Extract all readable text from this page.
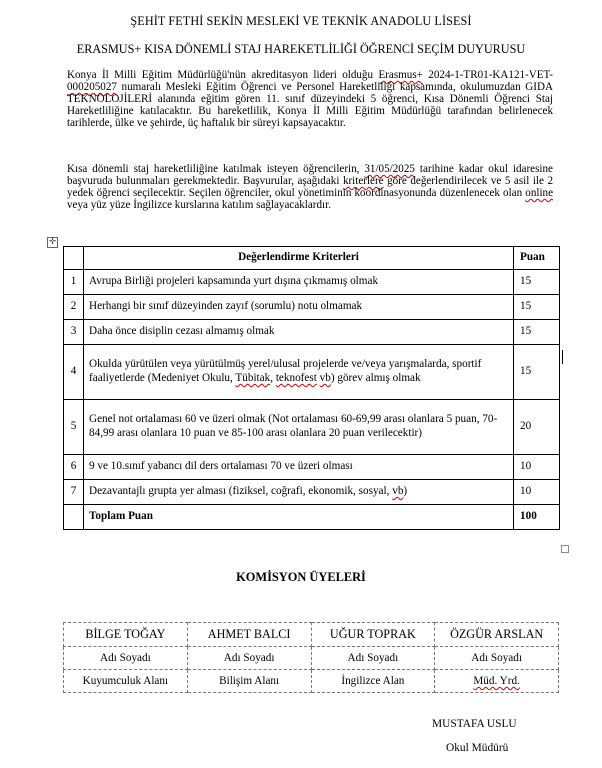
ŞEHİT FETHİ SEKİN MESLEKİ VE TEKNİK ANADOLU LİSESİ
ERASMUS+ KISA DÖNEMLİ STAJ HAREKETLİLİĞİ ÖĞRENCİ SEÇİM DUYURUSU
Konya İl Milli Eğitim Müdürlüğü'nün akreditasyon lideri olduğu Erasmus+ 2024-1-TR01-KA121-VET-000205027 numaralı Mesleki Eğitim Öğrenci ve Personel Hareketliliği kapsamında, okulumuzdan GIDA TEKNOLOJİLERİ alanında eğitim gören 11. sınıf düzeyindeki 5 öğrenci, Kısa Dönemli Öğrenci Staj Hareketliliğine katılacaktır. Bu hareketlilik, Konya İl Milli Eğitim Müdürlüğü tarafından belirlenecek tarihlerde, ülke ve şehirde, üç haftalık bir süreyi kapsayacaktır.
Kısa dönemli staj hareketliliğine katılmak isteyen öğrencilerin, 31/05/2025 tarihine kadar okul idaresine başvuruda bulunmaları gerekmektedir. Başvurular, aşağıdaki kriterlere göre değerlendirilecek ve 5 asil ile 2 yedek öğrenci seçilecektir. Seçilen öğrenciler, okul yönetiminin koordinasyonunda düzenlenecek olan online veya yüz yüze İngilizce kurslarına katılım sağlayacaklardır.
✛
	Değerlendirme Kriterleri	Puan
1	Avrupa Birliği projeleri kapsamında yurt dışına çıkmamış olmak	15
2	Herhangi bir sınıf düzeyinden zayıf (sorumlu) notu olmamak	15
3	Daha önce disiplin cezası almamış olmak	15
4	Okulda yürütülen veya yürütülmüş yerel/ulusal projelerde ve/veya yarışmalarda, sportif faaliyetlerde (Medeniyet Okulu, Tübitak, teknofest vb) görev almış olmak	15
5	Genel not ortalaması 60 ve üzeri olmak (Not ortalaması 60-69,99 arası olanlara 5 puan, 70-84,99 arası olanlara 10 puan ve 85-100 arası olanlara 20 puan verilecektir)	20
6	9 ve 10.sınıf yabancı dil ders ortalaması 70 ve üzeri olması	10
7	Dezavantajlı grupta yer alması (fiziksel, coğrafi, ekonomik, sosyal, vb)	10
	Toplam Puan	100
KOMİSYON ÜYELERİ
BİLGE TOĞAY	AHMET BALCI	UĞUR TOPRAK	ÖZGÜR ARSLAN
Adı Soyadı	Adı Soyadı	Adı Soyadı	Adı Soyadı
Kuyumculuk Alanı	Bilişim Alanı	İngilizce Alan	Müd. Yrd.
MUSTAFA USLU
Okul Müdürü
